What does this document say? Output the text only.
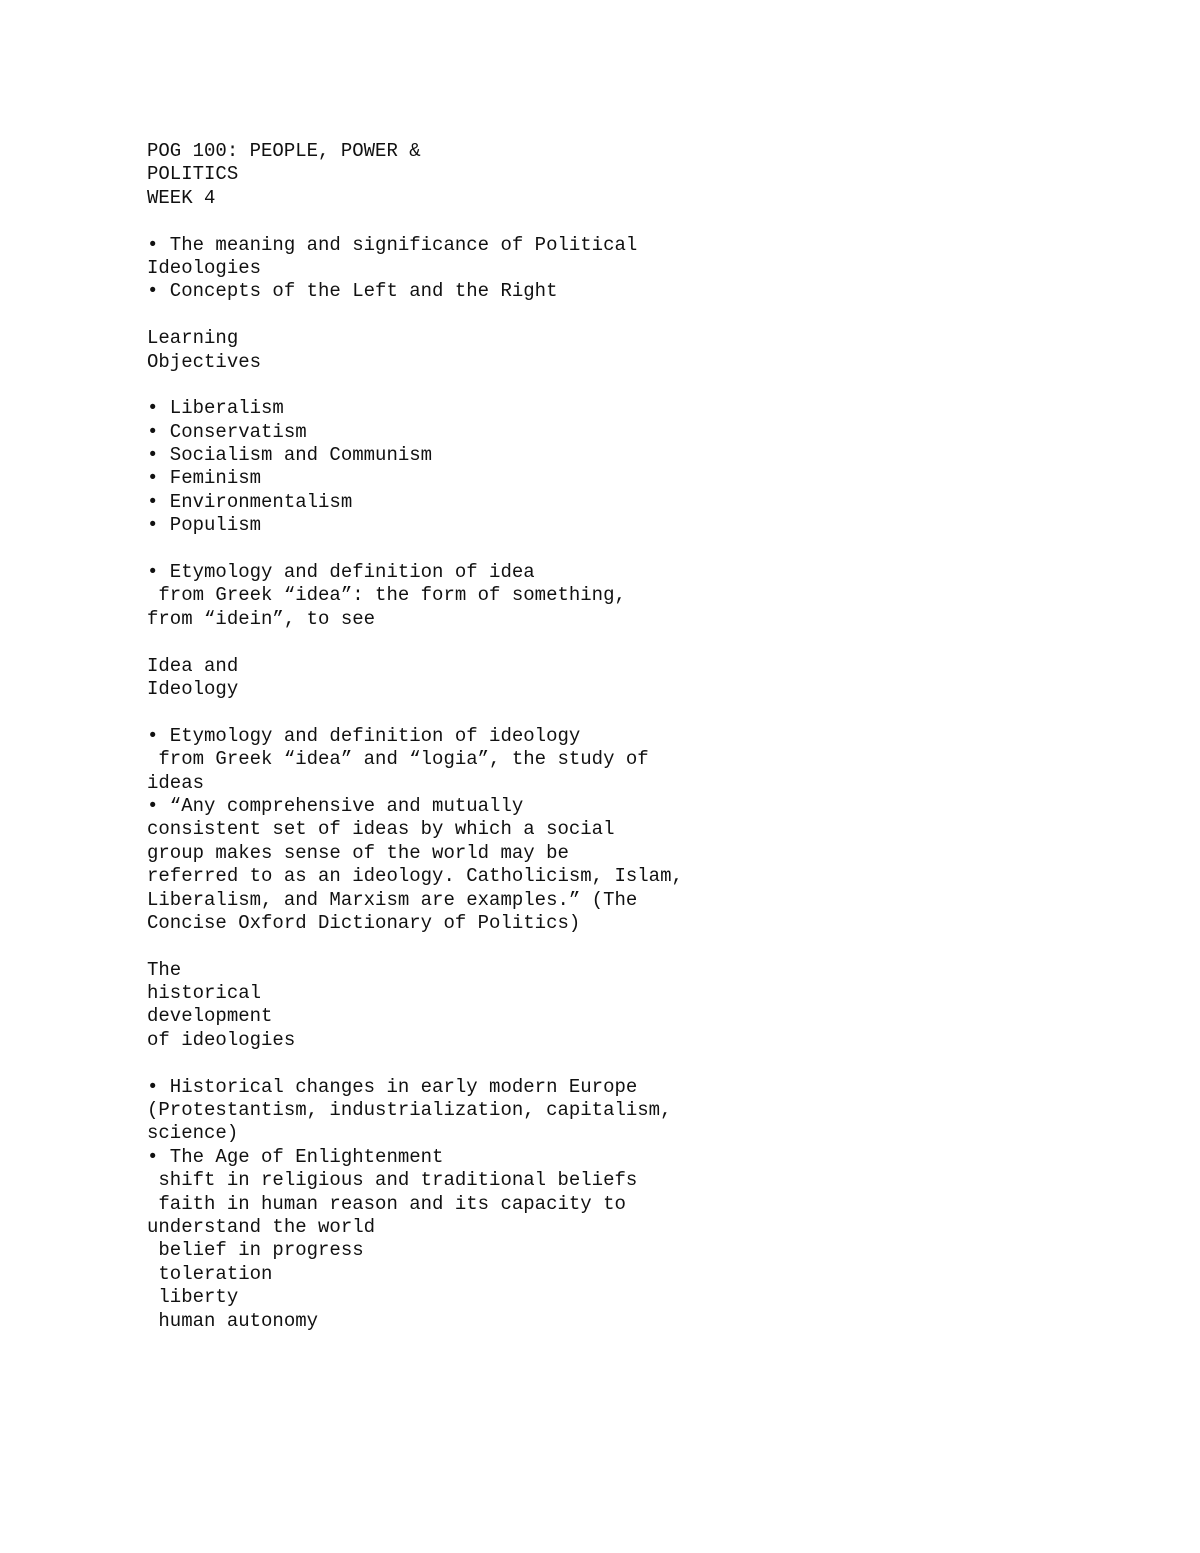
POG 100: PEOPLE, POWER &
POLITICS
WEEK 4
• The meaning and significance of Political
Ideologies
• Concepts of the Left and the Right
Learning
Objectives
• Liberalism
• Conservatism
• Socialism and Communism
• Feminism
• Environmentalism
• Populism
• Etymology and definition of idea
from Greek “idea”: the form of something,
from “idein”, to see
Idea and
Ideology
• Etymology and definition of ideology
from Greek “idea” and “logia”, the study of
ideas
• “Any comprehensive and mutually
consistent set of ideas by which a social
group makes sense of the world may be
referred to as an ideology. Catholicism, Islam,
Liberalism, and Marxism are examples.” (The
Concise Oxford Dictionary of Politics)
The
historical
development
of ideologies
• Historical changes in early modern Europe
(Protestantism, industrialization, capitalism,
science)
• The Age of Enlightenment
shift in religious and traditional beliefs
faith in human reason and its capacity to
understand the world
belief in progress
toleration
liberty
human autonomy
